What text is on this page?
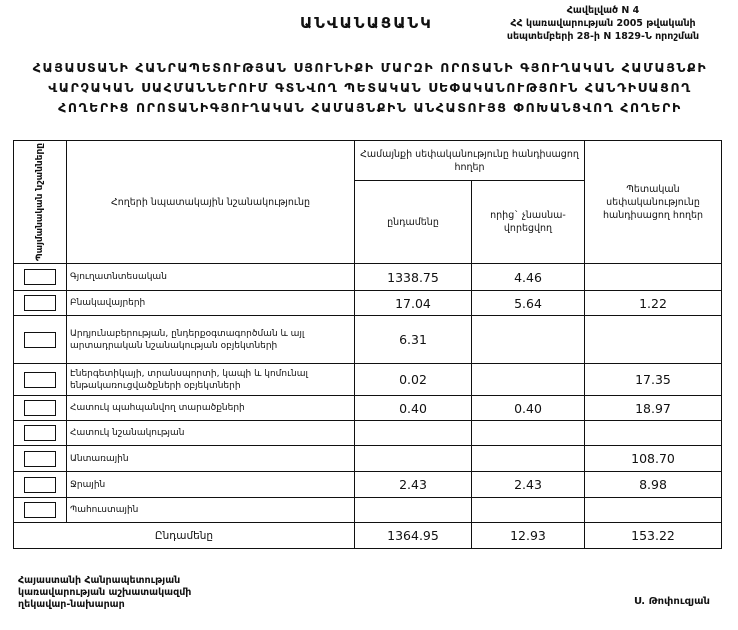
ԱՆՎԱՆԱՑԱՆԿ
Հավելված N 4
ՀՀ կառավարության 2005 թվականի
սեպտեմբերի 28-ի N 1829-Ն որոշման
ՀԱՅԱՍՏԱՆԻ ՀԱՆՐԱՊԵՏՈՒԹՅԱՆ ՍՅՈՒՆԻՔԻ ՄԱՐԶԻ ՈՐՈՏԱՆԻ ԳՅՈՒՂԱԿԱՆ ՀԱՄԱՅՆՔԻ
ՎԱՐՉԱԿԱՆ ՍԱՀՄԱՆՆԵՐՈՒՄ ԳՏՆՎՈՂ ՊԵՏԱԿԱՆ ՍԵՓԱԿԱՆՈՒԹՅՈՒՆ ՀԱՆԴԻՍԱՑՈՂ
ՀՈՂԵՐԻՑ ՈՐՈՏԱՆԻԳՅՈՒՂԱԿԱՆ ՀԱՄԱՅՆՔԻՆ ԱՆՀԱՏՈՒՅՑ ՓՈԽԱՆՑՎՈՂ ՀՈՂԵՐԻ
Պայմանական նշանները	Հողերի նպատակային նշանակությունը	Համայնքի սեփականությունը հանդիսացող հողեր		Պետական սեփականությունը հանդիսացող հողեր
		ընդամենը	որից` չնասնա-վորեցվող	
	Գյուղատնտեսական	1338.75	4.46	
	Բնակավայրերի	17.04	5.64	1.22
	Արդյունաբերության, ընդերքօգտագործման և այլ արտադրական նշանակության օբյեկտների	6.31		
	Էներգետիկայի, տրանսպորտի, կապի և կոմունալ ենթակառուցվածքների օբյեկտների	0.02		17.35
	Հատուկ պահպանվող տարածքների	0.40	0.40	18.97
	Հատուկ նշանակության			
	Անտառային			108.70
	Ջրային	2.43	2.43	8.98
	Պահուստային			
Ընդամենը		1364.95	12.93	153.22
Հայաստանի Հանրապետության
կառավարության աշխատակազմի
ղեկավար-նախարար	Ս. Թոփուզյան
